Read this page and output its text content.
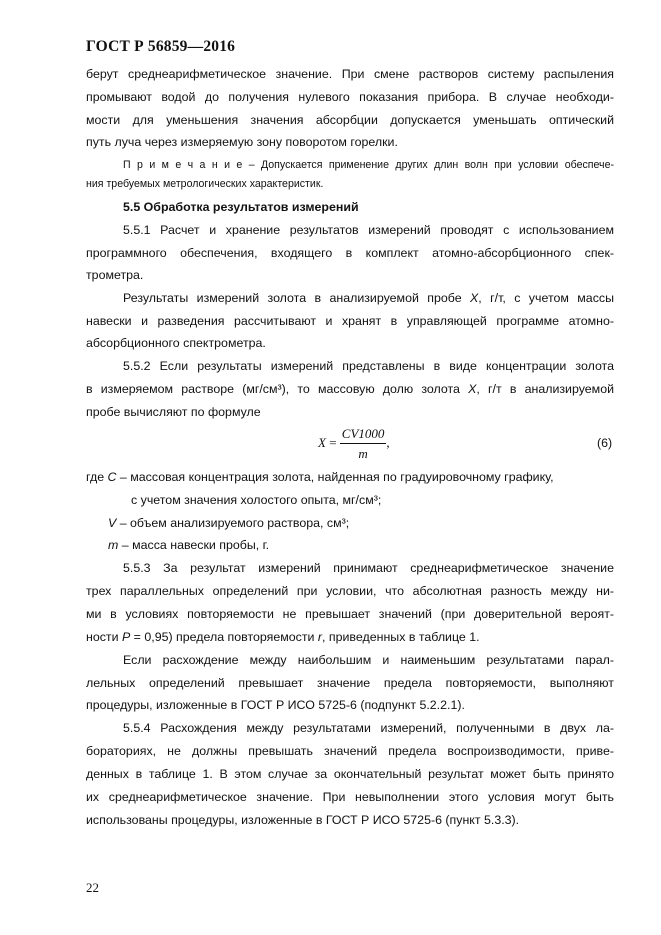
ГОСТ Р 56859—2016
берут среднеарифметическое значение. При смене растворов систему распыления
промывают водой до получения нулевого показания прибора. В случае необходи-
мости для уменьшения значения абсорбции допускается уменьшать оптический
путь луча через измеряемую зону поворотом горелки.
П р и м е ч а н и е – Допускается применение других длин волн при условии обеспече-
ния требуемых метрологических характеристик.
5.5 Обработка результатов измерений
5.5.1 Расчет и хранение результатов измерений проводят с использованием
программного обеспечения, входящего в комплект атомно-абсорбционного спек-
трометра.
Результаты измерений золота в анализируемой пробе X, г/т, с учетом массы
навески и разведения рассчитывают и хранят в управляющей программе атомно-
абсорбционного спектрометра.
5.5.2 Если результаты измерений представлены в виде концентрации золота
в измеряемом растворе (мг/см³), то массовую долю золота X, г/т в анализируемой
пробе вычисляют по формуле
$X = \frac{CV1000}{m}$ ,	(6)
где C – массовая концентрация золота, найденная по градуировочному графику,
с учетом значения холостого опыта, мг/см³;
V – объем анализируемого раствора, см³;
m – масса навески пробы, г.
5.5.3 За результат измерений принимают среднеарифметическое значение
трех параллельных определений при условии, что абсолютная разность между ни-
ми в условиях повторяемости не превышает значений (при доверительной вероят-
ности P = 0,95) предела повторяемости r, приведенных в таблице 1.
Если расхождение между наибольшим и наименьшим результатами парал-
лельных определений превышает значение предела повторяемости, выполняют
процедуры, изложенные в ГОСТ Р ИСО 5725-6 (подпункт 5.2.2.1).
5.5.4 Расхождения между результатами измерений, полученными в двух ла-
бораториях, не должны превышать значений предела воспроизводимости, приве-
денных в таблице 1. В этом случае за окончательный результат может быть принято
их среднеарифметическое значение. При невыполнении этого условия могут быть
использованы процедуры, изложенные в ГОСТ Р ИСО 5725-6 (пункт 5.3.3).
22
